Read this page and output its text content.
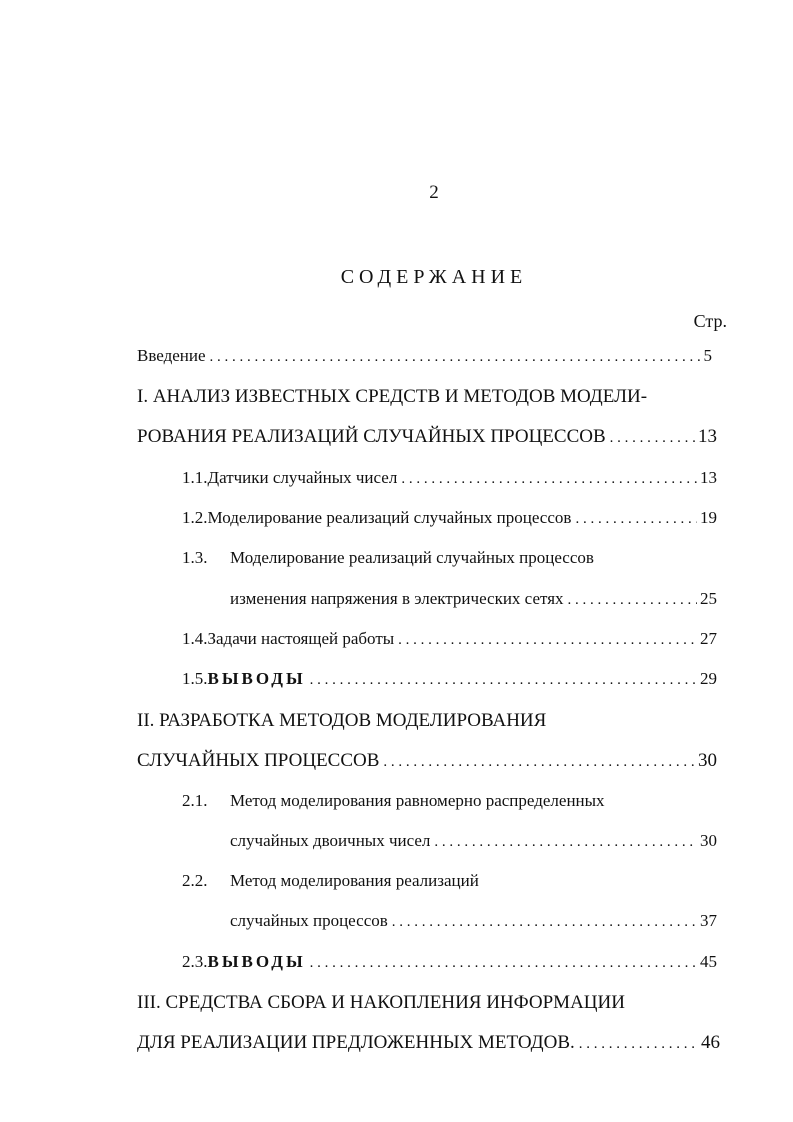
2
СОДЕРЖАНИЕ
Стр.
Введение . . .	5
I. АНАЛИЗ ИЗВЕСТНЫХ СРЕДСТВ И МЕТОДОВ МОДЕЛИ-
РОВАНИЯ РЕАЛИЗАЦИЙ СЛУЧАЙНЫХ ПРОЦЕССОВ . . .	13
1.1. Датчики случайных чисел . . .	13
1.2. Моделирование реализаций случайных процессов . . .	19
1.3.	Моделирование реализаций случайных процессов
изменения напряжения в электрических сетях . . .	25
1.4. Задачи настоящей работы . . .	27
1.5. ВЫВОДЫ . . .	29
II. РАЗРАБОТКА МЕТОДОВ МОДЕЛИРОВАНИЯ
СЛУЧАЙНЫХ ПРОЦЕССОВ . . .	30
2.1.	Метод моделирования равномерно распределенных
случайных двоичных чисел . . .	30
2.2.	Метод моделирования реализаций
случайных процессов . . .	37
2.3. ВЫВОДЫ . . .	45
III. СРЕДСТВА СБОРА И НАКОПЛЕНИЯ ИНФОРМАЦИИ
ДЛЯ РЕАЛИЗАЦИИ ПРЕДЛОЖЕННЫХ МЕТОДОВ. . . .	46
